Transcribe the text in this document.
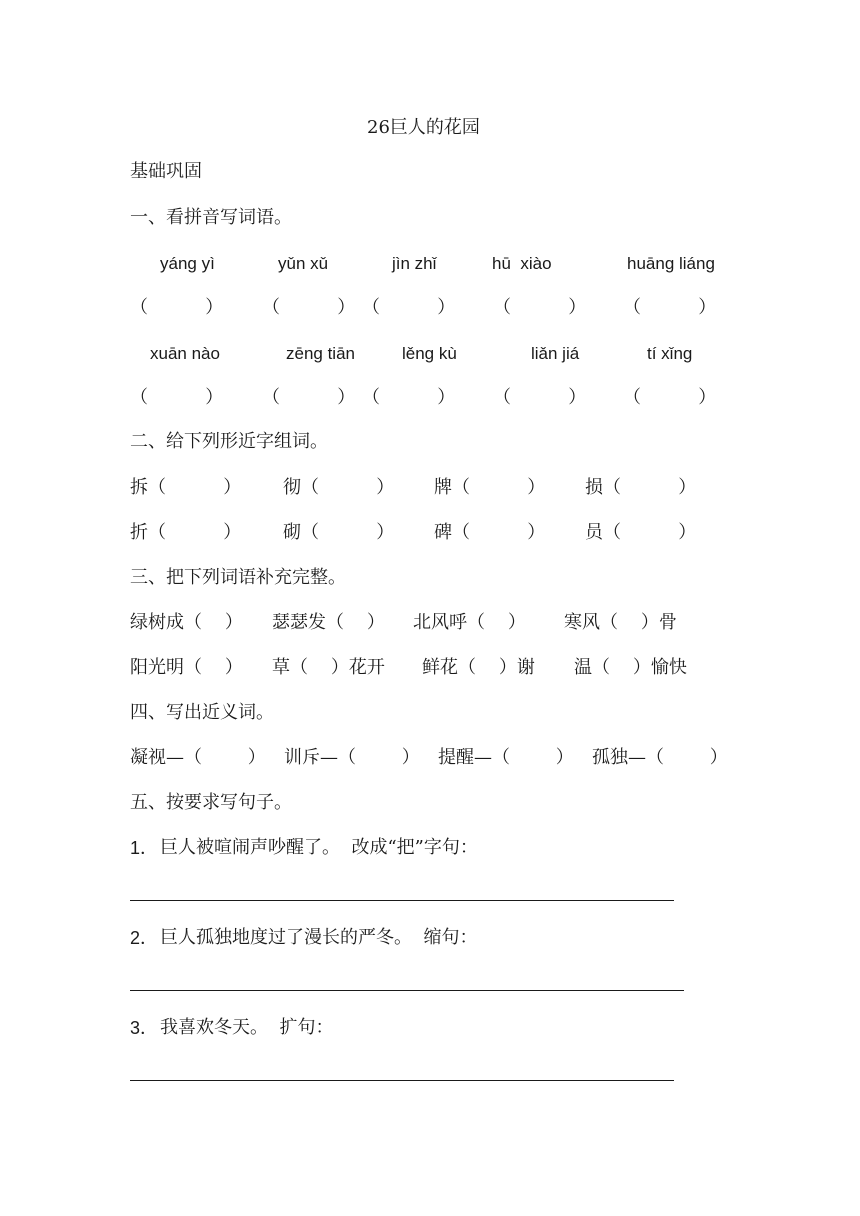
26巨人的花园
基础巩固
一、看拼音写词语。
yáng yì	yǔn xǔ	jìn zhǐ	hū  xiào	huāng liáng
（          ） （          ） （          ） （          ） （          ）
xuān nào	zēng tiān	lěng kù	liǎn jiá	tí xǐng
（          ） （          ） （          ） （          ） （          ）
二、给下列形近字组词。
拆（          ） 彻（          ） 牌（          ） 损（          ）
折（          ） 砌（          ） 碑（          ） 员（          ）
三、把下列词语补充完整。
绿树成（    ） 瑟瑟发（    ） 北风呼（    ） 寒风（    ）骨
阳光明（    ） 草（    ）花开 鲜花（    ）谢 温（    ）愉快
四、写出近义词。
凝视—（        ） 训斥—（        ） 提醒—（        ） 孤独—（        ）
五、按要求写句子。
1． 巨人被喧闹声吵醒了。  改成“把”字句：
2． 巨人孤独地度过了漫长的严冬。  缩句：
3． 我喜欢冬天。  扩句：
